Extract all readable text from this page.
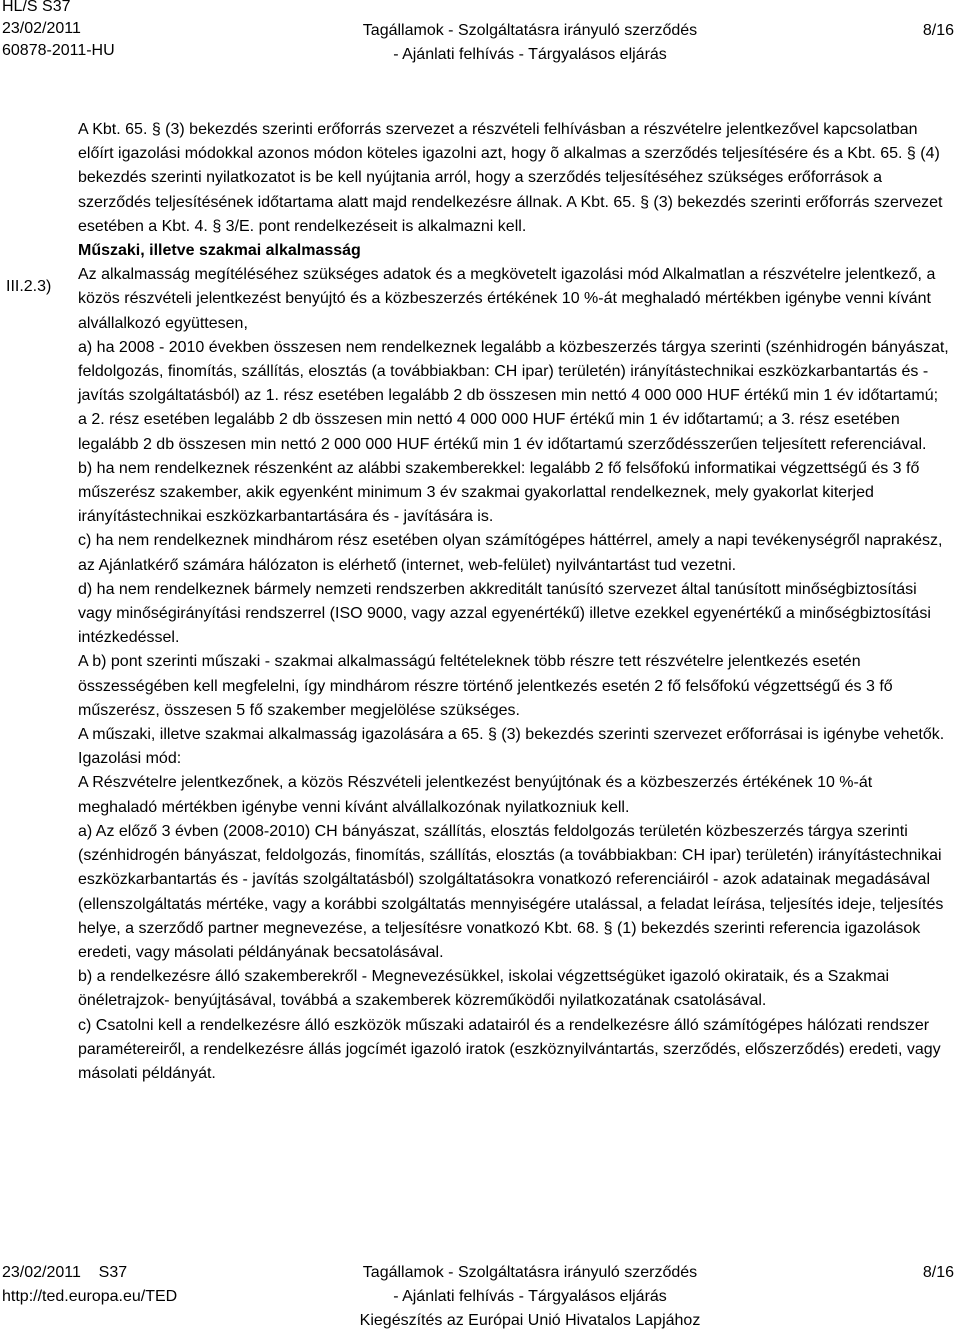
HL/S S37
23/02/2011
60878-2011-HU
Tagállamok - Szolgáltatásra irányuló szerződés
- Ajánlati felhívás - Tárgyalásos eljárás
8/16
III.2.3)

A Kbt. 65. § (3) bekezdés szerinti erőforrás szervezet a részvételi felhívásban a részvételre jelentkezővel kapcsolatban előírt igazolási módokkal azonos módon köteles igazolni azt, hogy õ alkalmas a szerződés teljesítésére és a Kbt. 65. § (4) bekezdés szerinti nyilatkozatot is be kell nyújtania arról, hogy a szerződés teljesítéséhez szükséges erőforrások a szerződés teljesítésének időtartama alatt majd rendelkezésre állnak. A Kbt. 65. § (3) bekezdés szerinti erőforrás szervezet esetében a Kbt. 4. § 3/E. pont rendelkezéseit is alkalmazni kell.

Műszaki, illetve szakmai alkalmasság

Az alkalmasság megítéléséhez szükséges adatok és a megkövetelt igazolási mód Alkalmatlan a részvételre jelentkező, a közös részvételi jelentkezést benyújtó és a közbeszerzés értékének 10 %-át meghaladó mértékben igénybe venni kívánt alvállalkozó együttesen,

a) ha 2008 - 2010 években összesen nem rendelkeznek legalább a közbeszerzés tárgya szerinti (szénhidrogén bányászat, feldolgozás, finomítás, szállítás, elosztás (a továbbiakban: CH ipar) területén) irányítástechnikai eszközkarbantartás és - javítás szolgáltatásból) az 1. rész esetében legalább 2 db összesen min nettó 4 000 000 HUF értékű min 1 év időtartamú; a 2. rész esetében legalább 2 db összesen min nettó 4 000 000 HUF értékű min 1 év időtartamú; a 3. rész esetében legalább 2 db összesen min nettó 2 000 000 HUF értékű min 1 év időtartamú szerződésszerűen teljesített referenciával.

b) ha nem rendelkeznek részenként az alábbi szakemberekkel: legalább 2 fő felsőfokú informatikai végzettségű és 3 fő műszerész szakember, akik egyenként minimum 3 év szakmai gyakorlattal rendelkeznek, mely gyakorlat kiterjed irányítástechnikai eszközkarbantartására és - javítására is.

c) ha nem rendelkeznek mindhárom rész esetében olyan számítógépes háttérrel, amely a napi tevékenységről naprakész, az Ajánlatkérő számára hálózaton is elérhető (internet, web-felület) nyilvántartást tud vezetni.

d) ha nem rendelkeznek bármely nemzeti rendszerben akkreditált tanúsító szervezet által tanúsított minőségbiztosítási vagy minőségirányítási rendszerrel (ISO 9000, vagy azzal egyenértékű) illetve ezekkel egyenértékű a minőségbiztosítási intézkedéssel.

A b) pont szerinti műszaki - szakmai alkalmasságú feltételeknek több részre tett részvételre jelentkezés esetén összességében kell megfelelni, így mindhárom részre történő jelentkezés esetén 2 fő felsőfokú végzettségű és 3 fő műszerész, összesen 5 fő szakember megjelölése szükséges.

A műszaki, illetve szakmai alkalmasság igazolására a 65. § (3) bekezdés szerinti szervezet erőforrásai is igénybe vehetők.

Igazolási mód:

A Részvételre jelentkezőnek, a közös Részvételi jelentkezést benyújtónak és a közbeszerzés értékének 10 %-át meghaladó mértékben igénybe venni kívánt alvállalkozónak nyilatkozniuk kell.

a) Az előző 3 évben (2008-2010) CH bányászat, szállítás, elosztás feldolgozás területén közbeszerzés tárgya szerinti (szénhidrogén bányászat, feldolgozás, finomítás, szállítás, elosztás (a továbbiakban: CH ipar) területén) irányítástechnikai eszközkarbantartás és - javítás szolgáltatásból) szolgáltatásokra vonatkozó referenciáiról - azok adatainak megadásával (ellenszolgáltatás mértéke, vagy a korábbi szolgáltatás mennyiségére utalással, a feladat leírása, teljesítés ideje, teljesítés helye, a szerződő partner megnevezése, a teljesítésre vonatkozó Kbt. 68. § (1) bekezdés szerinti referencia igazolások eredeti, vagy másolati példányának becsatolásával.

b) a rendelkezésre álló szakemberekről - Megnevezésükkel, iskolai végzettségüket igazoló okirataik, és a Szakmai önéletrajzok- benyújtásával, továbbá a szakemberek közreműködői nyilatkozatának csatolásával.

c) Csatolni kell a rendelkezésre álló eszközök műszaki adatairól és a rendelkezésre álló számítógépes hálózati rendszer paramétereiről, a rendelkezésre állás jogcímét igazoló iratok (eszköznyilvántartás, szerződés, előszerződés) eredeti, vagy másolati példányát.

23/02/2011 S37
http://ted.europa.eu/TED
Tagállamok - Szolgáltatásra irányuló szerződés
- Ajánlati felhívás - Tárgyalásos eljárás
Kiegészítés az Európai Unió Hivatalos Lapjához
8/16
